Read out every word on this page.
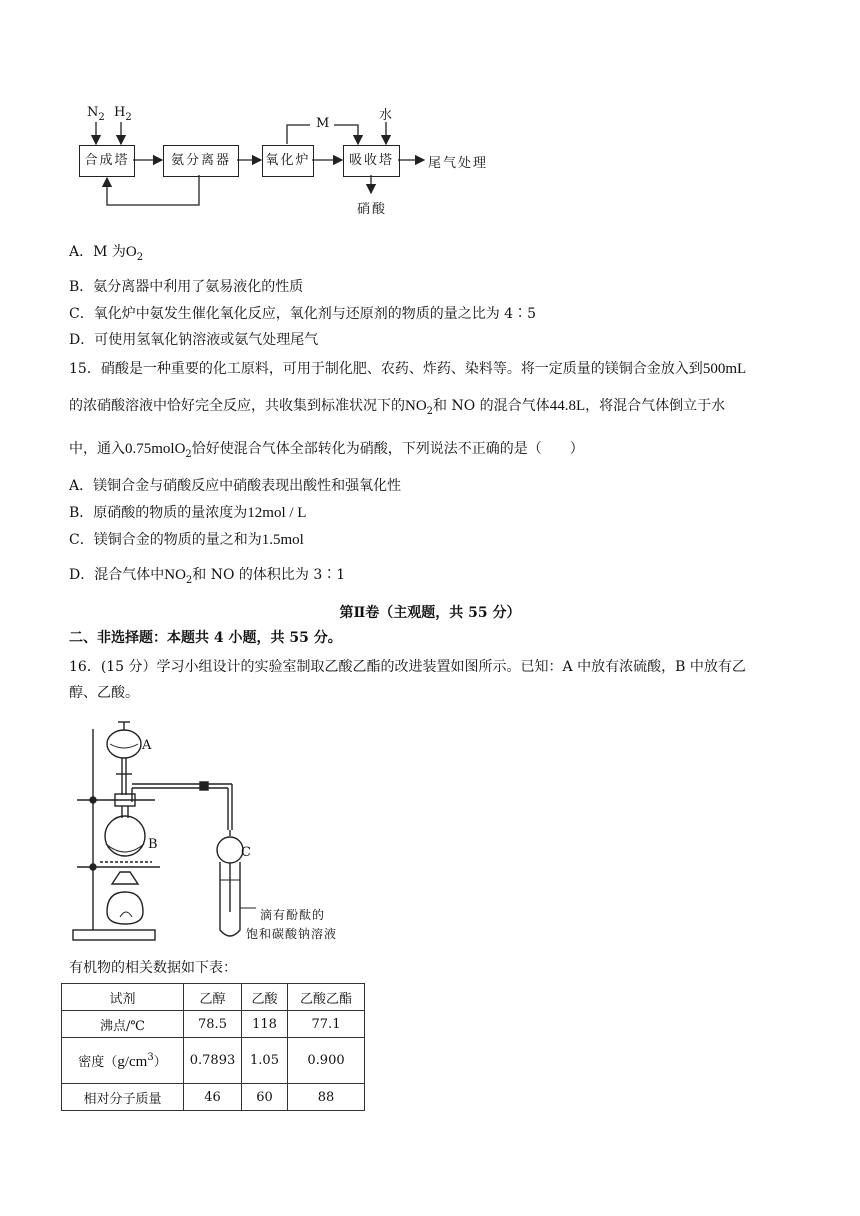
$N_2$ $H_2$	M
水
合成塔	氨分离器	氧化炉	吸收塔	尾气处理
硝酸
A．M 为$O_2$
B．氨分离器中利用了氨易液化的性质
C．氧化炉中氨发生催化氧化反应，氧化剂与还原剂的物质的量之比为 4∶5
D．可使用氢氧化钠溶液或氨气处理尾气
15．硝酸是一种重要的化工原料，可用于制化肥、农药、炸药、染料等。将一定质量的镁铜合金放入到500mL
的浓硝酸溶液中恰好完全反应，共收集到标准状况下的$NO_2$和 NO 的混合气体44.8L，将混合气体倒立于水
中，通入0.75molO$_2$恰好使混合气体全部转化为硝酸，下列说法不正确的是（　　）
A．镁铜合金与硝酸反应中硝酸表现出酸性和强氧化性
B．原硝酸的物质的量浓度为12mol / L
C．镁铜合金的物质的量之和为1.5mol
D．混合气体中$NO_2$和 NO 的体积比为 3∶1
第Ⅱ卷（主观题，共 55 分）
二、非选择题：本题共 4 小题，共 55 分。
16．(15 分）学习小组设计的实验室制取乙酸乙酯的改进装置如图所示。已知：A 中放有浓硫酸，B 中放有乙
醇、乙酸。
A
B
C
滴有酚酞的
饱和碳酸钠溶液
有机物的相关数据如下表：
试剂	乙醇	乙酸	乙酸乙酯
沸点/℃	78.5	118	77.1
密度$(g/cm^3)$	0.7893	1.05	0.900
相对分子质量	46	60	88
